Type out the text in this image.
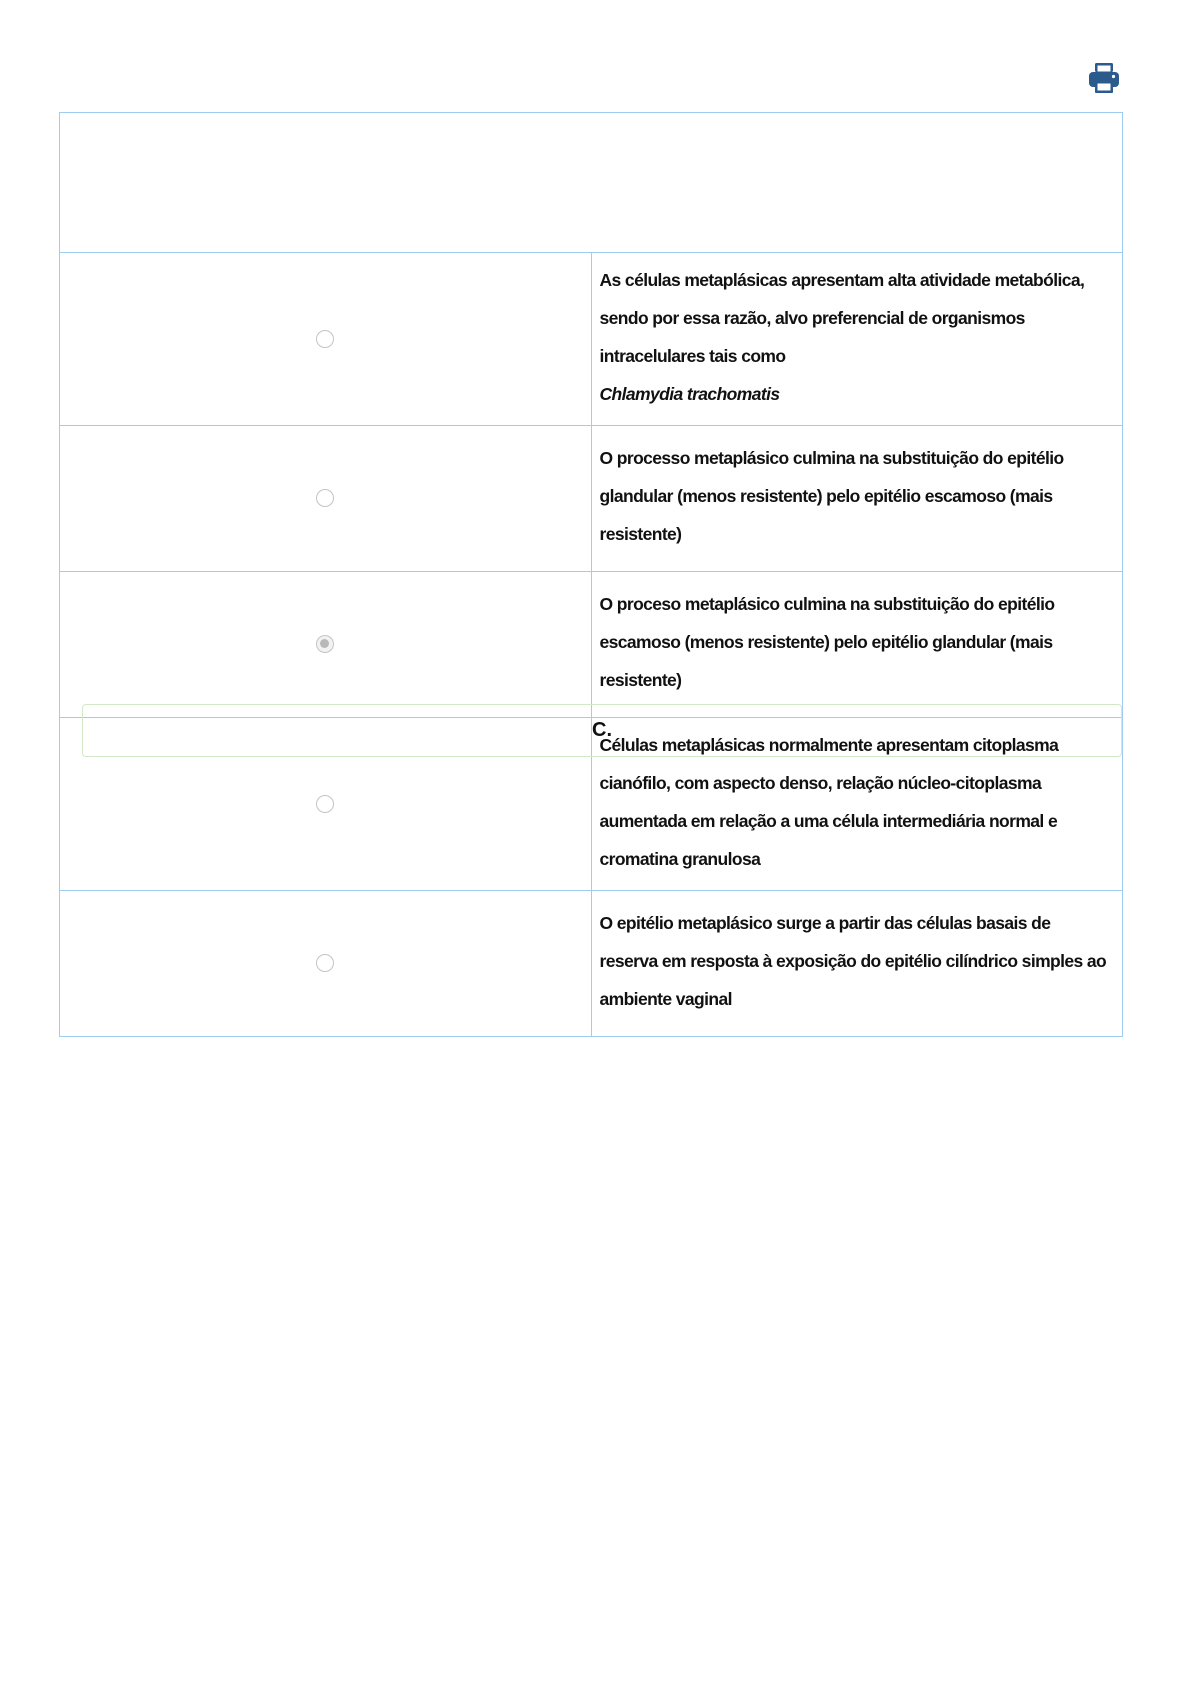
	As células metaplásicas apresentam alta atividade metabólica, sendo por essa razão, alvo preferencial de organismos intracelulares tais como
Chlamydia trachomatis
	O processo metaplásico culmina na substituição do epitélio glandular (menos resistente) pelo epitélio escamoso (mais resistente)
	O proceso metaplásico culmina na substituição do epitélio escamoso (menos resistente) pelo epitélio glandular (mais resistente)
	Células metaplásicas normalmente apresentam citoplasma cianófilo, com aspecto denso, relação núcleo-citoplasma aumentada em relação a uma célula intermediária normal e cromatina granulosa
	O epitélio metaplásico surge a partir das células basais de reserva em resposta à exposição do epitélio cilíndrico simples ao ambiente vaginal
C.
